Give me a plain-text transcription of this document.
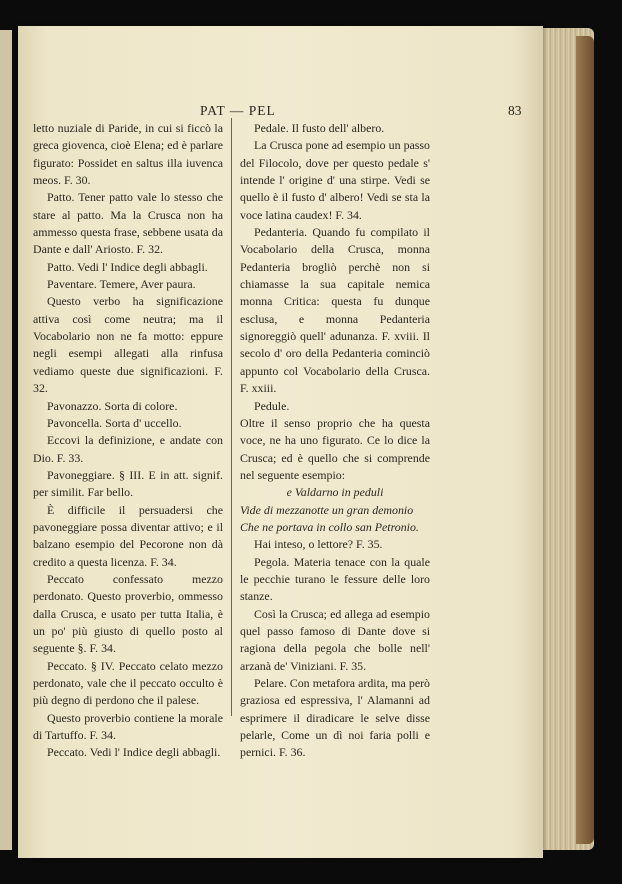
PAT — PEL	83

letto nuziale di Paride, in cui si ficcò la greca giovenca, cioè Elena; ed è parlare figurato: Possidet en saltus illa iuvenca meos. F. 30.

Patto. Tener patto vale lo stesso che stare al patto. Ma la Crusca non ha ammesso questa frase, sebbene usata da Dante e dall' Ariosto. F. 32.

Patto. Vedi l' Indice degli abbagli.

Paventare. Temere, Aver paura.

Questo verbo ha significazione attiva così come neutra; ma il Vocabolario non ne fa motto: eppure negli esempi allegati alla rinfusa vediamo queste due significazioni. F. 32.

Pavonazzo. Sorta di colore.

Pavoncella. Sorta d' uccello.

Eccovi la definizione, e andate con Dio. F. 33.

Pavoneggiare. § III. E in att. signif. per similit. Far bello.

È difficile il persuadersi che pavoneggiare possa diventar attivo; e il balzano esempio del Pecorone non dà credito a questa licenza. F. 34.

Peccato confessato mezzo perdonato. Questo proverbio, ommesso dalla Crusca, e usato per tutta Italia, è un po' più giusto di quello posto al seguente §. F. 34.

Peccato. § IV. Peccato celato mezzo perdonato, vale che il peccato occulto è più degno di perdono che il palese.

Questo proverbio contiene la morale di Tartuffo. F. 34.

Peccato. Vedi l' Indice degli abbagli.

Pedale. Il fusto dell' albero.

La Crusca pone ad esempio un passo del Filocolo, dove per questo pedale s' intende l' origine d' una stirpe. Vedi se quello è il fusto d' albero! Vedi se sta la voce latina caudex! F. 34.

Pedanteria. Quando fu compilato il Vocabolario della Crusca, monna Pedanteria brogliò perchè non si chiamasse la sua capitale nemica monna Critica: questa fu dunque esclusa, e monna Pedanteria signoreggiò quell' adunanza. F. xviii. Il secolo d' oro della Pedanteria cominciò appunto col Vocabolario della Crusca. F. xxiii.

Pedule.

Oltre il senso proprio che ha questa voce, ne ha uno figurato. Ce lo dice la Crusca; ed è quello che si comprende nel seguente esempio:

e Valdarno in peduli

Vide di mezzanotte un gran demonio

Che ne portava in collo san Petronio.

Hai inteso, o lettore? F. 35.

Pegola. Materia tenace con la quale le pecchie turano le fessure delle loro stanze.

Così la Crusca; ed allega ad esempio quel passo famoso di Dante dove si ragiona della pegola che bolle nell' arzanà de' Viniziani. F. 35.

Pelare. Con metafora ardita, ma però graziosa ed espressiva, l' Alamanni ad esprimere il diradicare le selve disse pelarle, Come un dì noi faria polli e pernici. F. 36.
